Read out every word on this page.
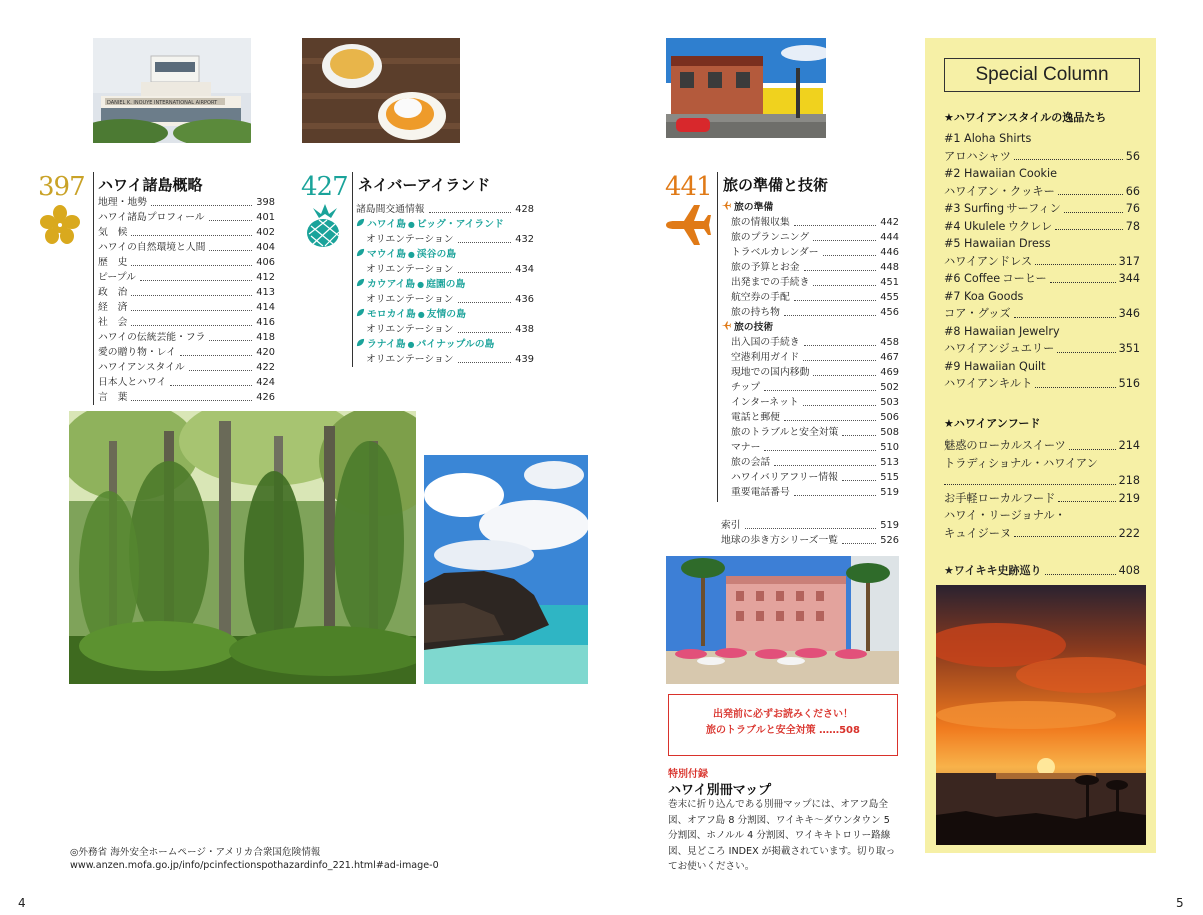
DANIEL K. INOUYE INTERNATIONAL AIRPORT
397 ハワイ諸島概略
地理・地勢	398
ハワイ諸島プロフィール	401
気　候	402
ハワイの自然環境と人間	404
歴　史	406
ピープル	412
政　治	413
経　済	414
社　会	416
ハワイの伝統芸能・フラ	418
愛の贈り物・レイ	420
ハワイアンスタイル	422
日本人とハワイ	424
言　葉	426
427 ネイバーアイランド
諸島間交通情報	428
ハワイ島 ● ビッグ・アイランド
オリエンテーション	432
マウイ島 ● 渓谷の島
オリエンテーション	434
カウアイ島 ● 庭園の島
オリエンテーション	436
モロカイ島 ● 友情の島
オリエンテーション	438
ラナイ島 ● パイナップルの島
オリエンテーション	439
◎外務省 海外安全ホームページ・アメリカ合衆国危険情報
www.anzen.mofa.go.jp/info/pcinfectionspothazardinfo_221.html#ad-image-0
4
441 旅の準備と技術
旅の準備
旅の情報収集	442
旅のプランニング	444
トラベルカレンダー	446
旅の予算とお金	448
出発までの手続き	451
航空券の手配	455
旅の持ち物	456
旅の技術
出入国の手続き	458
空港利用ガイド	467
現地での国内移動	469
チップ	502
インターネット	503
電話と郵便	506
旅のトラブルと安全対策	508
マナー	510
旅の会話	513
ハワイバリアフリー情報	515
重要電話番号	519
索引	519
地球の歩き方シリーズ一覧	526
出発前に必ずお読みください！
旅のトラブルと安全対策 ……508
特別付録
ハワイ別冊マップ
巻末に折り込んである別冊マップには、オアフ島全
図、オアフ島 8 分割図、ワイキキ～ダウンタウン 5
分割図、ホノルル 4 分割図、ワイキキトロリー路線
図、見どころ INDEX が掲載されています。切り取っ
てお使いください。
Special Column
★ハワイアンスタイルの逸品たち
#1 Aloha Shirts
アロハシャツ	56
#2 Hawaiian Cookie
ハワイアン・クッキー	66
#3 Surfing
  サーフィン	76
#4 Ukulele
  ウクレレ	78
#5 Hawaiian Dress
ハワイアンドレス	317
#6 Coffee
  コーヒー	344
#7 Koa Goods
コア・グッズ	346
#8 Hawaiian Jewelry
ハワイアンジュエリー	351
#9 Hawaiian Quilt
ハワイアンキルト	516
★ハワイアンフード
魅惑のローカルスイーツ	214
トラディショナル・ハワイアン
218
お手軽ローカルフード	219
ハワイ・リージョナル・
キュイジーヌ	222
★ワイキキ史跡巡り	408
5
